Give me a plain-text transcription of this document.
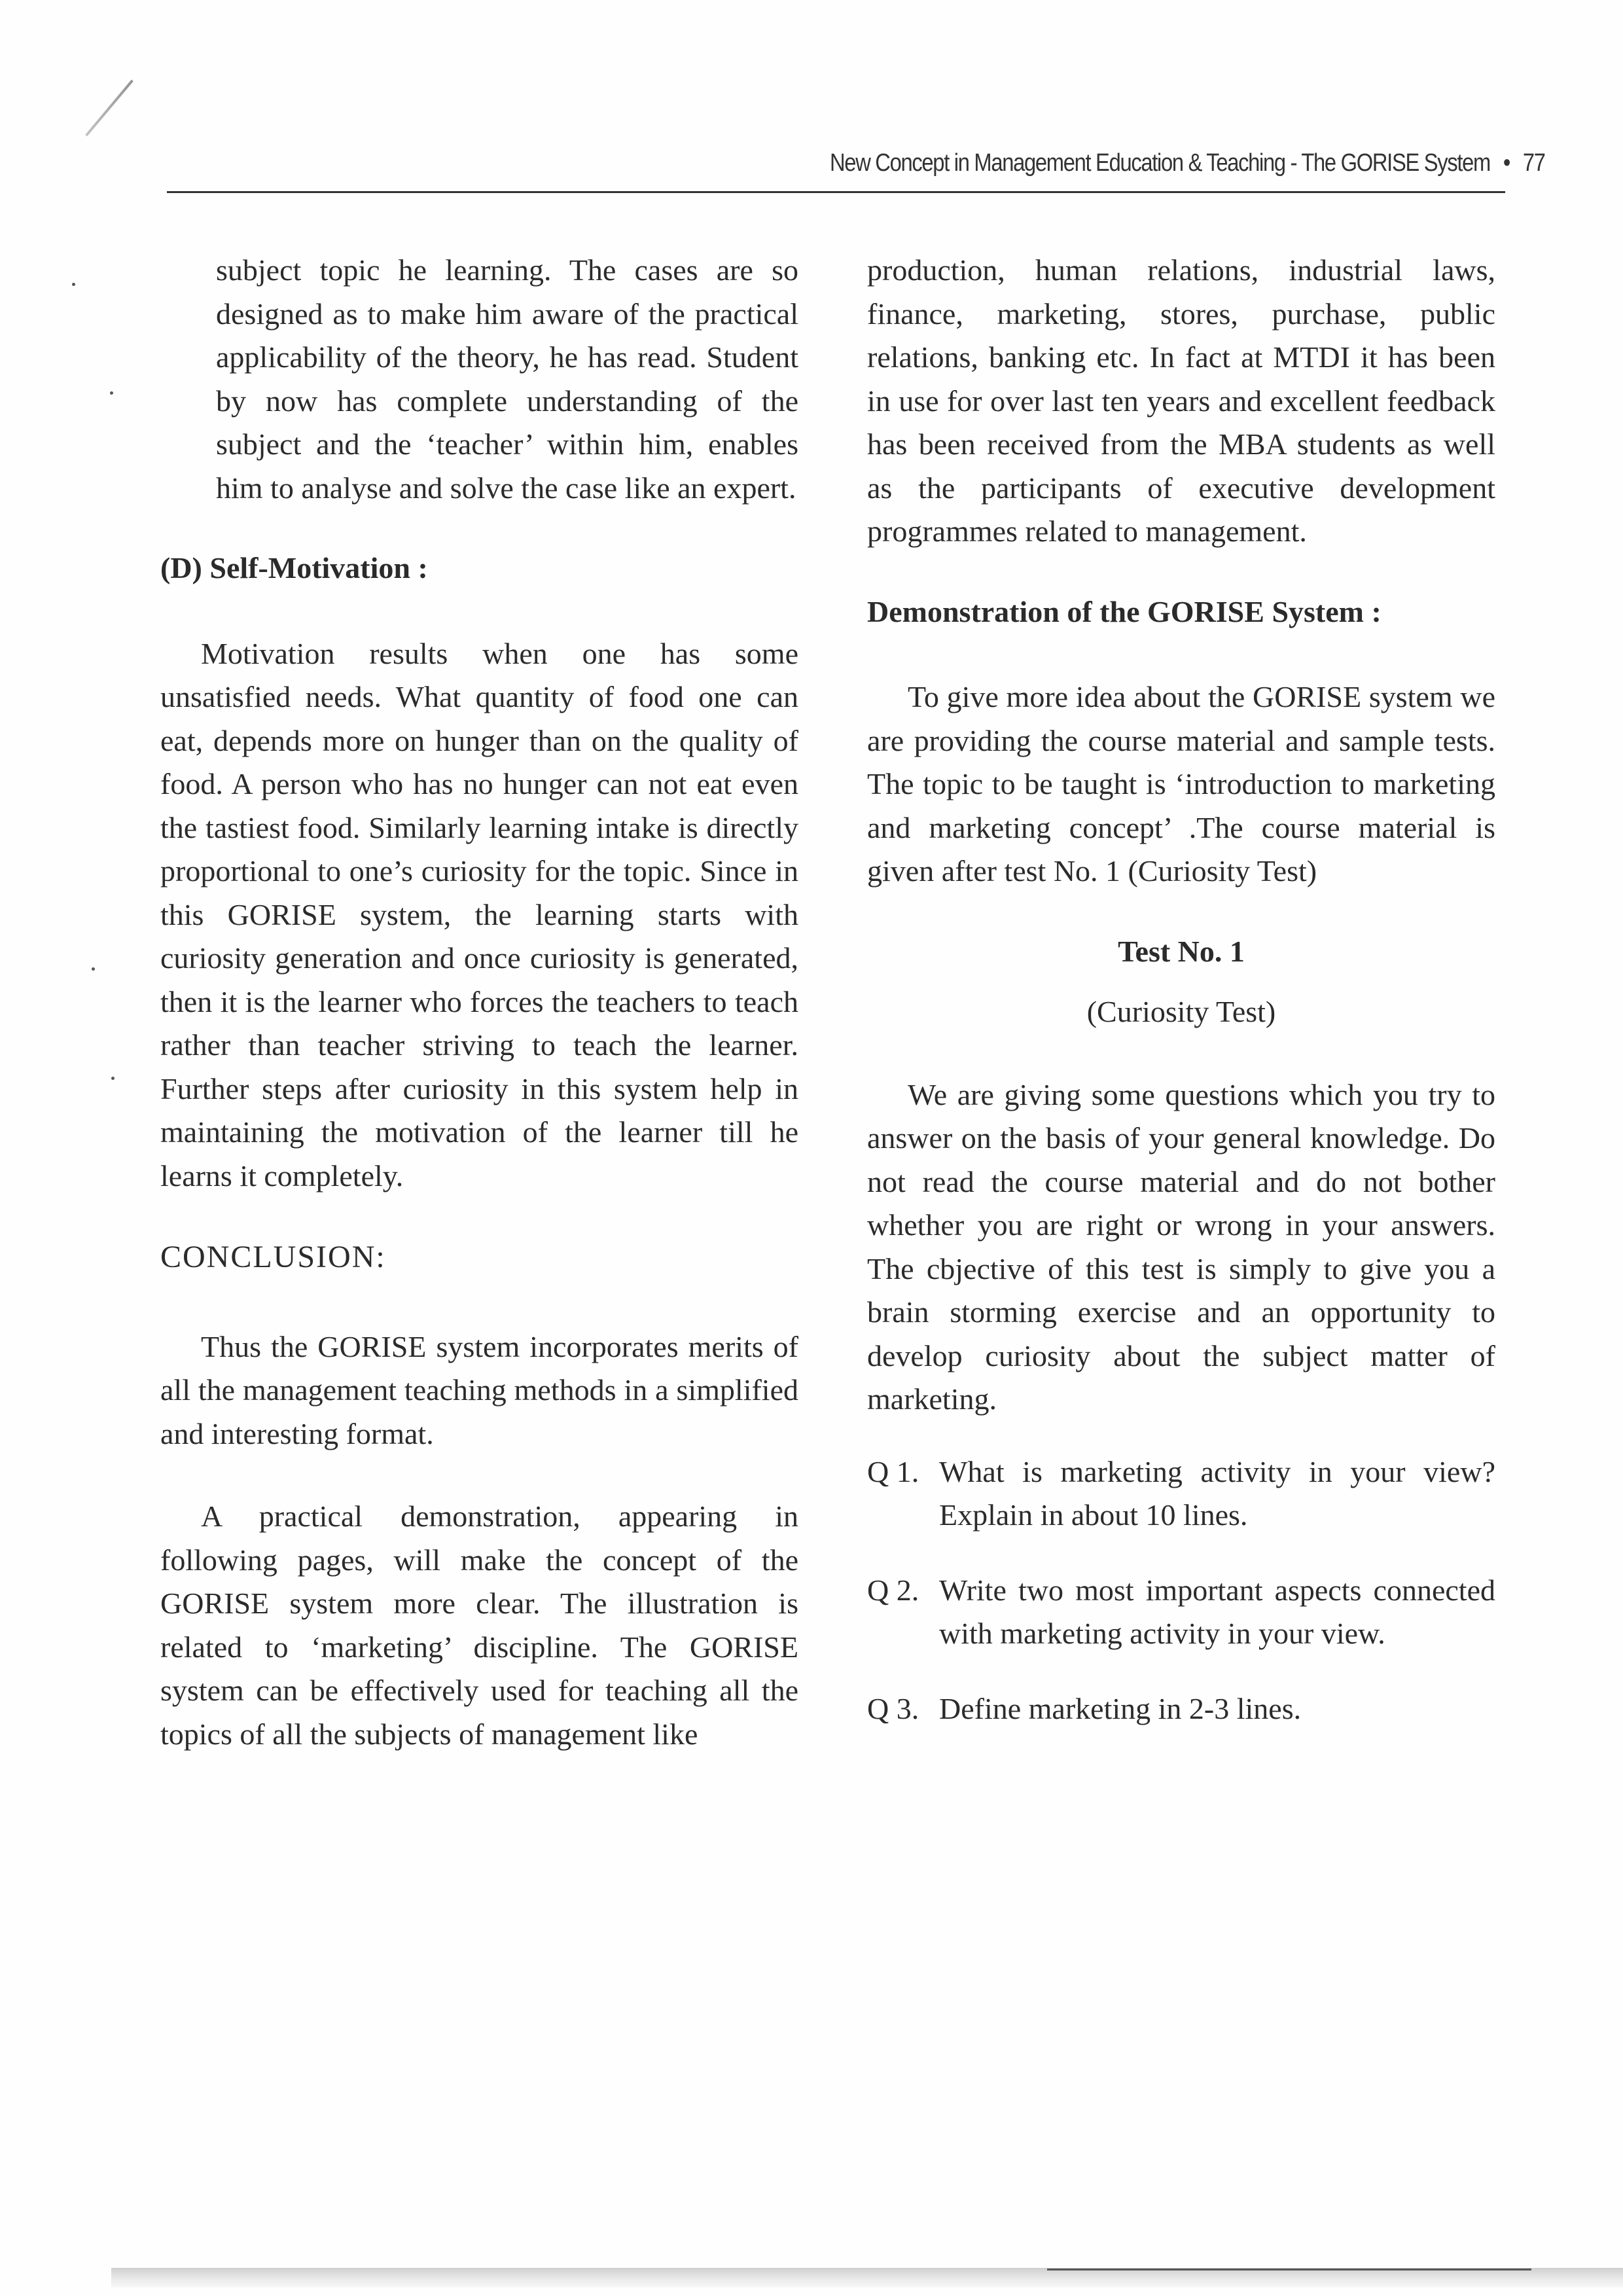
New Concept in Management Education & Teaching - The GORISE System • 77

subject topic he learning. The cases are so designed as to make him aware of the practical applicability of the theory, he has read. Student by now has complete understanding of the subject and the ‘teacher’ within him, enables him to analyse and solve the case like an expert.

(D) Self-Motivation :

Motivation results when one has some unsatisfied needs. What quantity of food one can eat, depends more on hunger than on the quality of food. A person who has no hunger can not eat even the tastiest food. Similarly learning intake is directly proportional to one’s curiosity for the topic. Since in this GORISE system, the learning starts with curiosity generation and once curiosity is generated, then it is the learner who forces the teachers to teach rather than teacher striving to teach the learner. Further steps after curiosity in this system help in maintaining the motivation of the learner till he learns it completely.

CONCLUSION:

Thus the GORISE system incorporates merits of all the management teaching methods in a simplified and interesting format.

A practical demonstration, appearing in following pages, will make the concept of the GORISE system more clear. The illustration is related to ‘marketing’ discipline. The GORISE system can be effectively used for teaching all the topics of all the subjects of management like

production, human relations, industrial laws, finance, marketing, stores, purchase, public relations, banking etc. In fact at MTDI it has been in use for over last ten years and excellent feedback has been received from the MBA students as well as the participants of executive development programmes related to management.

Demonstration of the GORISE System :

To give more idea about the GORISE system we are providing the course material and sample tests. The topic to be taught is ‘introduction to marketing and marketing concept’ .The course material is given after test No. 1 (Curiosity Test)

Test No. 1
(Curiosity Test)

We are giving some questions which you try to answer on the basis of your general knowledge. Do not read the course material and do not bother whether you are right or wrong in your answers. The cbjective of this test is simply to give you a brain storming exercise and an opportunity to develop curiosity about the subject matter of marketing.

Q 1. What is marketing activity in your view? Explain in about 10 lines.
Q 2. Write two most important aspects connected with marketing activity in your view.
Q 3. Define marketing in 2-3 lines.
